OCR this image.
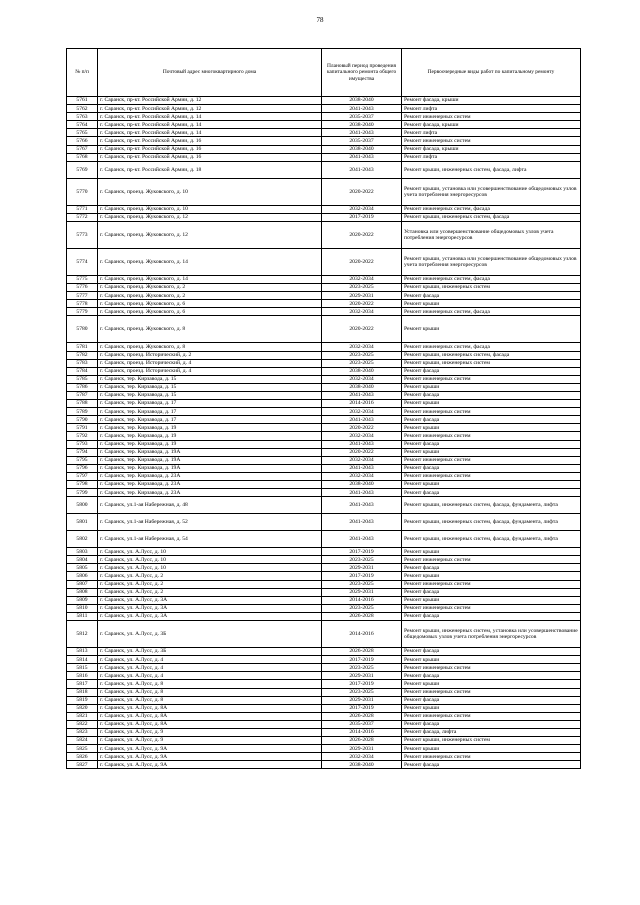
78
№ п/п	Почтовый адрес многоквартирного дома	Плановый период проведения капитального ремонта общего имущества	Первоочередные виды работ по капитальному ремонту
5761	г. Саранск, пр-кт. Российской Армии, д. 12	2038-2040	Ремонт фасада, крыши
5762	г. Саранск, пр-кт. Российской Армии, д. 12	2041-2043	Ремонт лифта
5763	г. Саранск, пр-кт. Российской Армии, д. 14	2035-2037	Ремонт инженерных систем
5764	г. Саранск, пр-кт. Российской Армии, д. 14	2038-2040	Ремонт фасада, крыши
5765	г. Саранск, пр-кт. Российской Армии, д. 14	2041-2043	Ремонт лифта
5766	г. Саранск, пр-кт. Российской Армии, д. 16	2035-2037	Ремонт инженерных систем
5767	г. Саранск, пр-кт. Российской Армии, д. 16	2038-2040	Ремонт фасада, крыши
5768	г. Саранск, пр-кт. Российской Армии, д. 16	2041-2043	Ремонт лифта
5769	г. Саранск, пр-кт. Российской Армии, д. 18	2041-2043	Ремонт крыши, инженерных систем, фасада, лифта
5770	г. Саранск, проезд. Жуковского, д. 10	2020-2022	Ремонт крыши, установка или усовершенствование общедомовых узлов учета потребления энергоресурсов
5771	г. Саранск, проезд. Жуковского, д. 10	2032-2034	Ремонт инженерных систем, фасада
5772	г. Саранск, проезд. Жуковского, д. 12	2017-2019	Ремонт крыши, инженерных систем, фасада
5773	г. Саранск, проезд. Жуковского, д. 12	2020-2022	Установка или усовершенствование общедомовых узлов учета потребления энергоресурсов
5774	г. Саранск, проезд. Жуковского, д. 14	2020-2022	Ремонт крыши, установка или усовершенствование общедомовых узлов учета потребления энергоресурсов
5775	г. Саранск, проезд. Жуковского, д. 14	2032-2034	Ремонт инженерных систем, фасада
5776	г. Саранск, проезд. Жуковского, д. 2	2023-2025	Ремонт крыши, инженерных систем
5777	г. Саранск, проезд. Жуковского, д. 2	2029-2031	Ремонт фасада
5778	г. Саранск, проезд. Жуковского, д. 6	2020-2022	Ремонт крыши
5779	г. Саранск, проезд. Жуковского, д. 6	2032-2034	Ремонт инженерных систем, фасада
5780	г. Саранск, проезд. Жуковского, д. 8	2020-2022	Ремонт крыши
5781	г. Саранск, проезд. Жуковского, д. 8	2032-2034	Ремонт инженерных систем, фасада
5782	г. Саранск, проезд. Исторический, д. 2	2023-2025	Ремонт крыши, инженерных систем, фасада
5783	г. Саранск, проезд. Исторический, д. 4	2023-2025	Ремонт крыши, инженерных систем
5784	г. Саранск, проезд. Исторический, д. 4	2038-2040	Ремонт фасада
5785	г. Саранск, тер. Кирзавода, д. 15	2032-2034	Ремонт инженерных систем
5786	г. Саранск, тер. Кирзавода, д. 15	2038-2040	Ремонт крыши
5787	г. Саранск, тер. Кирзавода, д. 15	2041-2043	Ремонт фасада
5788	г. Саранск, тер. Кирзавода, д. 17	2014-2016	Ремонт крыши
5789	г. Саранск, тер. Кирзавода, д. 17	2032-2034	Ремонт инженерных систем
5790	г. Саранск, тер. Кирзавода, д. 17	2041-2043	Ремонт фасада
5791	г. Саранск, тер. Кирзавода, д. 19	2020-2022	Ремонт крыши
5792	г. Саранск, тер. Кирзавода, д. 19	2032-2034	Ремонт инженерных систем
5793	г. Саранск, тер. Кирзавода, д. 19	2041-2043	Ремонт фасада
5794	г. Саранск, тер. Кирзавода, д. 19А	2020-2022	Ремонт крыши
5795	г. Саранск, тер. Кирзавода, д. 19А	2032-2034	Ремонт инженерных систем
5796	г. Саранск, тер. Кирзавода, д. 19А	2041-2043	Ремонт фасада
5797	г. Саранск, тер. Кирзавода, д. 23А	2032-2034	Ремонт инженерных систем
5798	г. Саранск, тер. Кирзавода, д. 23А	2038-2040	Ремонт крыши
5799	г. Саранск, тер. Кирзавода, д. 23А	2041-2043	Ремонт фасада
5800	г. Саранск, ул.1-ая Набережная, д. 48	2041-2043	Ремонт крыши, инженерных систем, фасада, фундамента, лифта
5801	г. Саранск, ул.1-ая Набережная, д. 52	2041-2043	Ремонт крыши, инженерных систем, фасада, фундамента, лифта
5802	г. Саранск, ул.1-ая Набережная, д. 54	2041-2043	Ремонт крыши, инженерных систем, фасада, фундамента, лифта
5803	г. Саранск, ул. А.Лусс, д. 10	2017-2019	Ремонт крыши
5804	г. Саранск, ул. А.Лусс, д. 10	2023-2025	Ремонт инженерных систем
5805	г. Саранск, ул. А.Лусс, д. 10	2029-2031	Ремонт фасада
5806	г. Саранск, ул. А.Лусс, д. 2	2017-2019	Ремонт крыши
5807	г. Саранск, ул. А.Лусс, д. 2	2023-2025	Ремонт инженерных систем
5808	г. Саранск, ул. А.Лусс, д. 2	2029-2031	Ремонт фасада
5809	г. Саранск, ул. А.Лусс, д. 3А	2014-2016	Ремонт крыши
5810	г. Саранск, ул. А.Лусс, д. 3А	2023-2025	Ремонт инженерных систем
5811	г. Саранск, ул. А.Лусс, д. 3А	2026-2028	Ремонт фасада
5812	г. Саранск, ул. А.Лусс, д. 3Б	2014-2016	Ремонт крыши, инженерных систем, установка или усовершенствование общедомовых узлов учета потребления энергоресурсов
5813	г. Саранск, ул. А.Лусс, д. 3Б	2026-2028	Ремонт фасада
5814	г. Саранск, ул. А.Лусс, д. 4	2017-2019	Ремонт крыши
5815	г. Саранск, ул. А.Лусс, д. 4	2023-2025	Ремонт инженерных систем
5816	г. Саранск, ул. А.Лусс, д. 4	2029-2031	Ремонт фасада
5817	г. Саранск, ул. А.Лусс, д. 8	2017-2019	Ремонт крыши
5818	г. Саранск, ул. А.Лусс, д. 8	2023-2025	Ремонт инженерных систем
5819	г. Саранск, ул. А.Лусс, д. 8	2029-2031	Ремонт фасада
5820	г. Саранск, ул. А.Лусс, д. 8А	2017-2019	Ремонт крыши
5821	г. Саранск, ул. А.Лусс, д. 8А	2026-2028	Ремонт инженерных систем
5822	г. Саранск, ул. А.Лусс, д. 8А	2035-2037	Ремонт фасада
5823	г. Саранск, ул. А.Лусс, д. 9	2014-2016	Ремонт фасада, лифта
5824	г. Саранск, ул. А.Лусс, д. 9	2026-2028	Ремонт крыши, инженерных систем
5825	г. Саранск, ул. А.Лусс, д. 9А	2029-2031	Ремонт крыши
5826	г. Саранск, ул. А.Лусс, д. 9А	2032-2034	Ремонт инженерных систем
5827	г. Саранск, ул. А.Лусс, д. 9А	2038-2040	Ремонт фасада
